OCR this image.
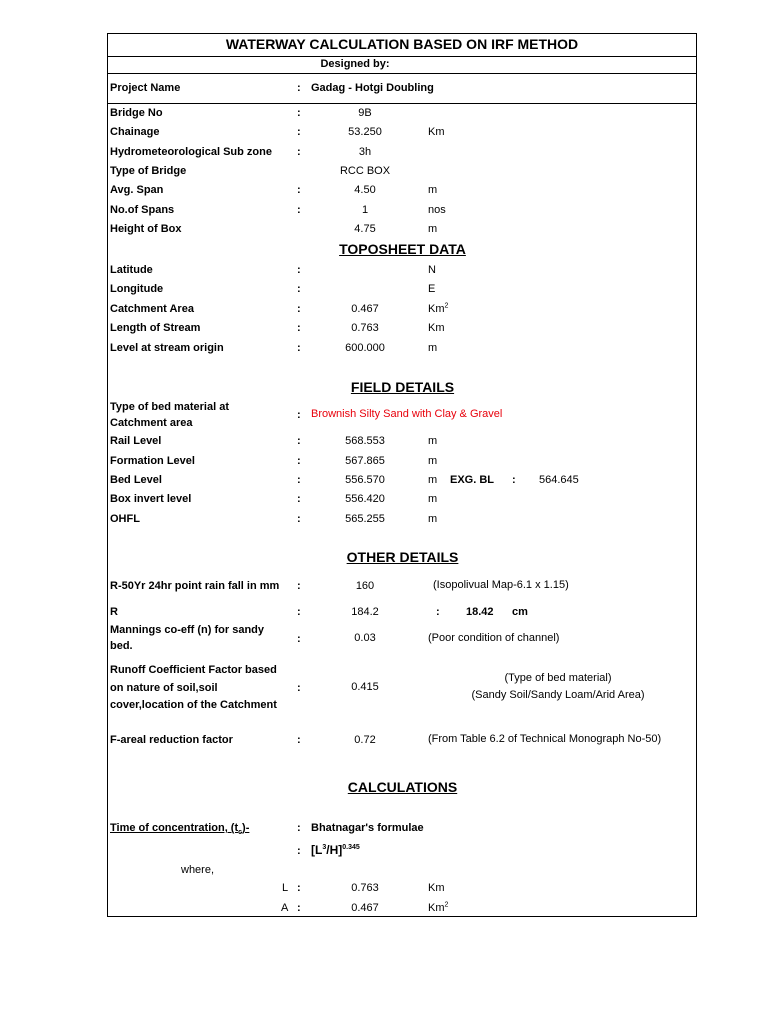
WATERWAY CALCULATION BASED ON IRF METHOD
Designed by:
Project Name	: Gadag - Hotgi Doubling
Bridge No	:	9B
Chainage	:	53.250	Km
Hydrometeorological Sub zone :	3h
Type of Bridge	RCC BOX
Avg. Span	:	4.50	m
No.of Spans	:	1	nos
Height of Box	4.75	m
TOPOSHEET DATA
Latitude	:	N
Longitude	:	E
Catchment Area	:	0.467	Km$^2$
Length of Stream	:	0.763	Km
Level at stream origin	:	600.000	m
FIELD DETAILS
Type of bed material at
Catchment area
: Brownish Silty Sand with Clay & Gravel
Rail Level	:	568.553	m
Formation Level	:	567.865	m
Bed Level	:	556.570	m EXG. BL : 564.645
Box invert level	:	556.420	m
OHFL	:	565.255	m
OTHER DETAILS
R-50Yr 24hr point rain fall in mm :	160	(Isopolivual Map-6.1 x 1.15)
R	:	184.2	: 18.42 cm
Mannings co-eff (n) for sandy
bed.
:	0.03	(Poor condition of channel)
Runoff Coefficient Factor based
on nature of soil,soil
cover,location of the Catchment
:	0.415
(Type of bed material)
(Sandy Soil/Sandy Loam/Arid Area)
F-areal reduction factor	:	0.72	(From Table 6.2 of Technical Monograph No-50)
CALCULATIONS
Time of concentration, $(t_c)-$	: Bhatnagar's formulae
: $[L^3/H]^{0.345}$
where,
L :	0.763	Km
A :	0.467	Km$^2$
